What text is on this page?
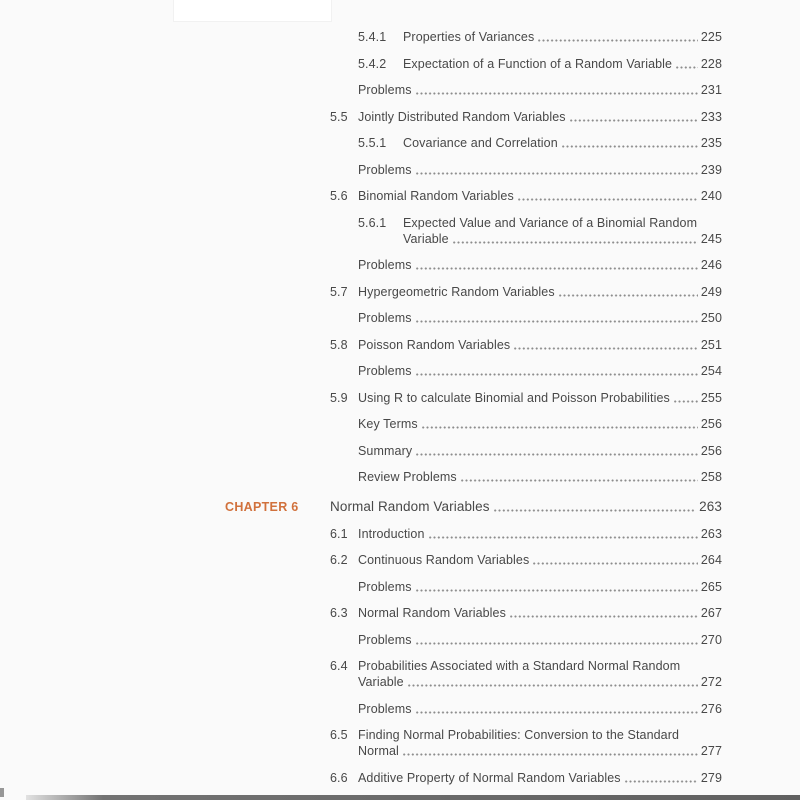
5.4.1	Properties of Variances	225
5.4.2	Expectation of a Function of a Random Variable 228
Problems	231
5.5 Jointly Distributed Random Variables	233
5.5.1	Covariance and Correlation	235
Problems	239
5.6 Binomial Random Variables	240
5.6.1	Expected Value and Variance of a Binomial Random
Variable	245
Problems	246
5.7 Hypergeometric Random Variables	249
Problems	250
5.8 Poisson Random Variables	251
Problems	254
5.9 Using R to calculate Binomial and Poisson Probabilities 255
Key Terms	256
Summary	256
Review Problems	258
CHAPTER 6	Normal Random Variables	263
6.1 Introduction	263
6.2 Continuous Random Variables	264
Problems	265
6.3 Normal Random Variables	267
Problems	270
6.4 Probabilities Associated with a Standard Normal Random
Variable	272
Problems	276
6.5 Finding Normal Probabilities: Conversion to the Standard
Normal	277
6.6 Additive Property of Normal Random Variables	279
